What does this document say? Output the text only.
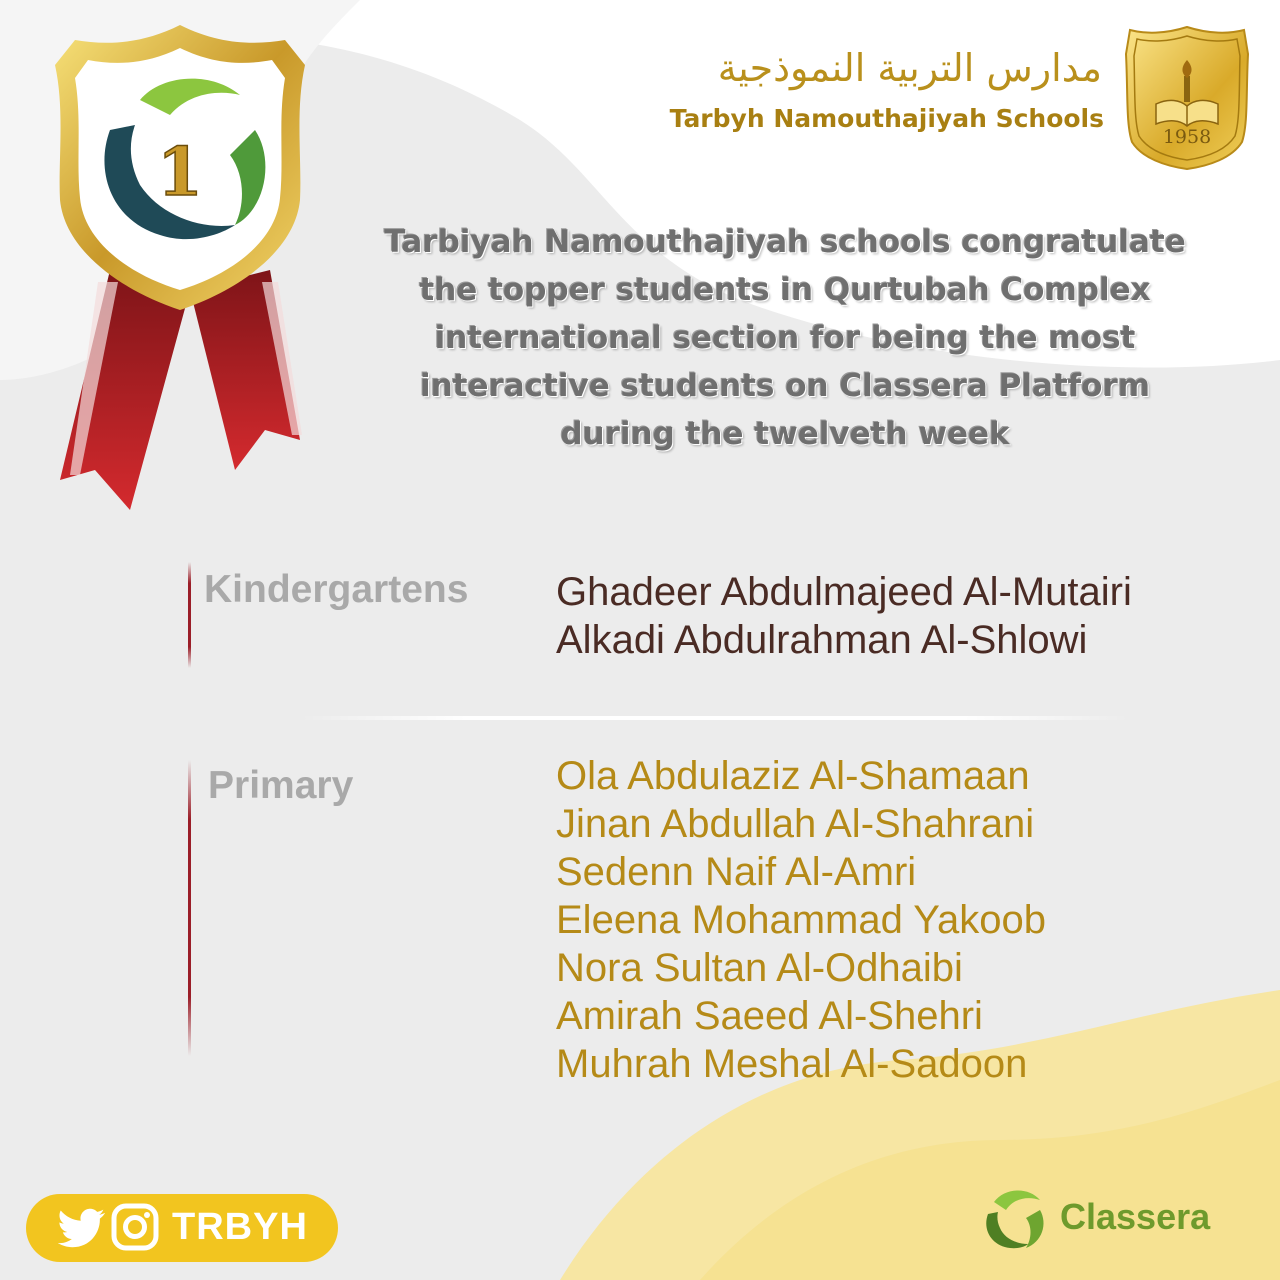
1
مدارس التربية النموذجية
Tarbyh Namouthajiyah Schools
1958
Tarbiyah Namouthajiyah schools congratulate
the topper students in Qurtubah Complex
international section for being the most
interactive students on Classera Platform
during the twelveth week
Kindergartens Ghadeer Abdulmajeed Al-Mutairi
Alkadi Abdulrahman Al-Shlowi
Primary	Ola Abdulaziz Al-Shamaan
Jinan Abdullah Al-Shahrani
Sedenn Naif Al-Amri
Eleena Mohammad Yakoob
Nora Sultan Al-Odhaibi
Amirah Saeed Al-Shehri
Muhrah Meshal Al-Sadoon
TRBYH	Classera
